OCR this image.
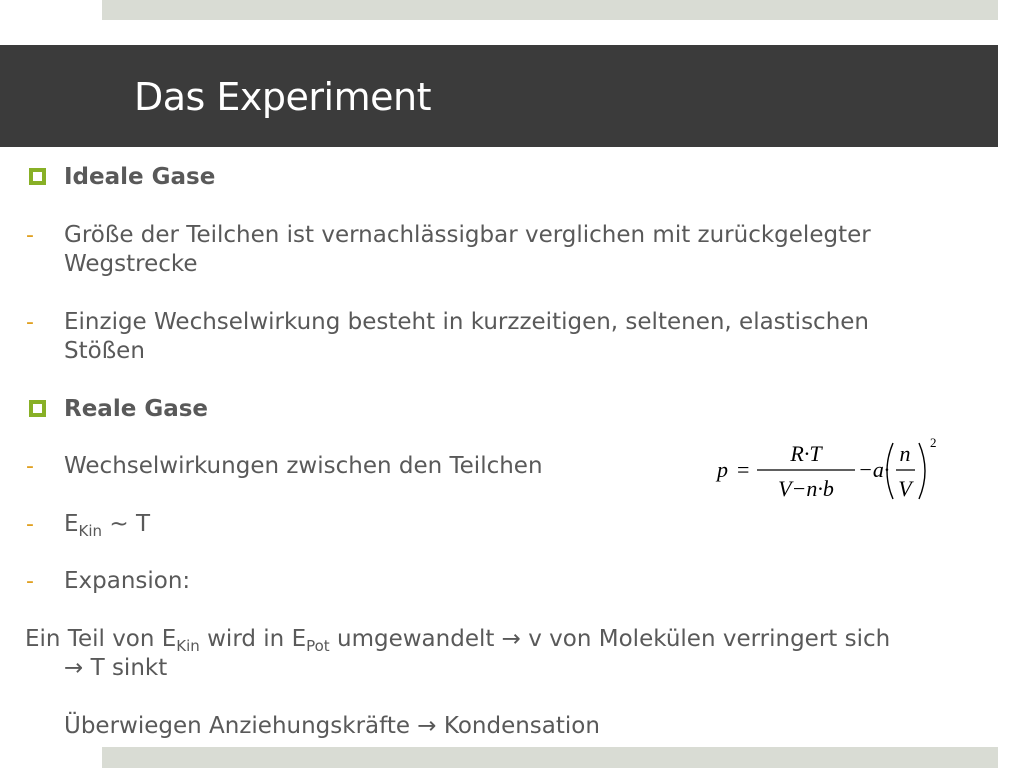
Das Experiment
Ideale Gase
- Größe der Teilchen ist vernachlässigbar verglichen mit zurückgelegter
Wegstrecke
- Einzige Wechselwirkung besteht in kurzzeitigen, seltenen, elastischen
Stößen
Reale Gase
- Wechselwirkungen zwischen den Teilchen
- $E_{Kin}$ ~ T
- Expansion:
Ein Teil von $E_{Kin}$ wird in $E_{Pot}$ umgewandelt → v von Molekülen verringert sich
→ T sinkt
Überwiegen Anziehungskräfte → Kondensation
p =
R·T
V−n·b
−a·
n
V
2
